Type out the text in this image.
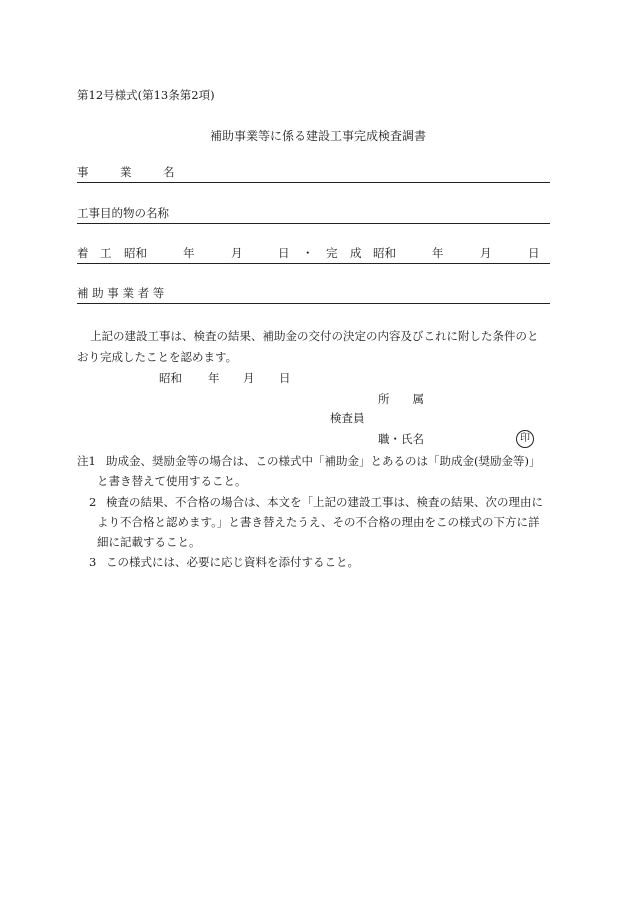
第12号様式(第13条第2項)
補助事業等に係る建設工事完成検査調書
事	業	名
工事目的物の名称
着 工 昭和	年	月	日 ・ 完 成 昭和	年	月	日
補 助 事 業 者 等
上記の建設工事は、検査の結果、補助金の交付の決定の内容及びこれに附した条件のと
おり完成したことを認めます。
昭和 年 月 日
所　　属
検査員
職・氏名	印
注1 助成金、奨励金等の場合は、この様式中「補助金」とあるのは「助成金(奨励金等)」
と書き替えて使用すること。
2 検査の結果、不合格の場合は、本文を「上記の建設工事は、検査の結果、次の理由に
より不合格と認めます。」と書き替えたうえ、その不合格の理由をこの様式の下方に詳
細に記載すること。
3 この様式には、必要に応じ資料を添付すること。
